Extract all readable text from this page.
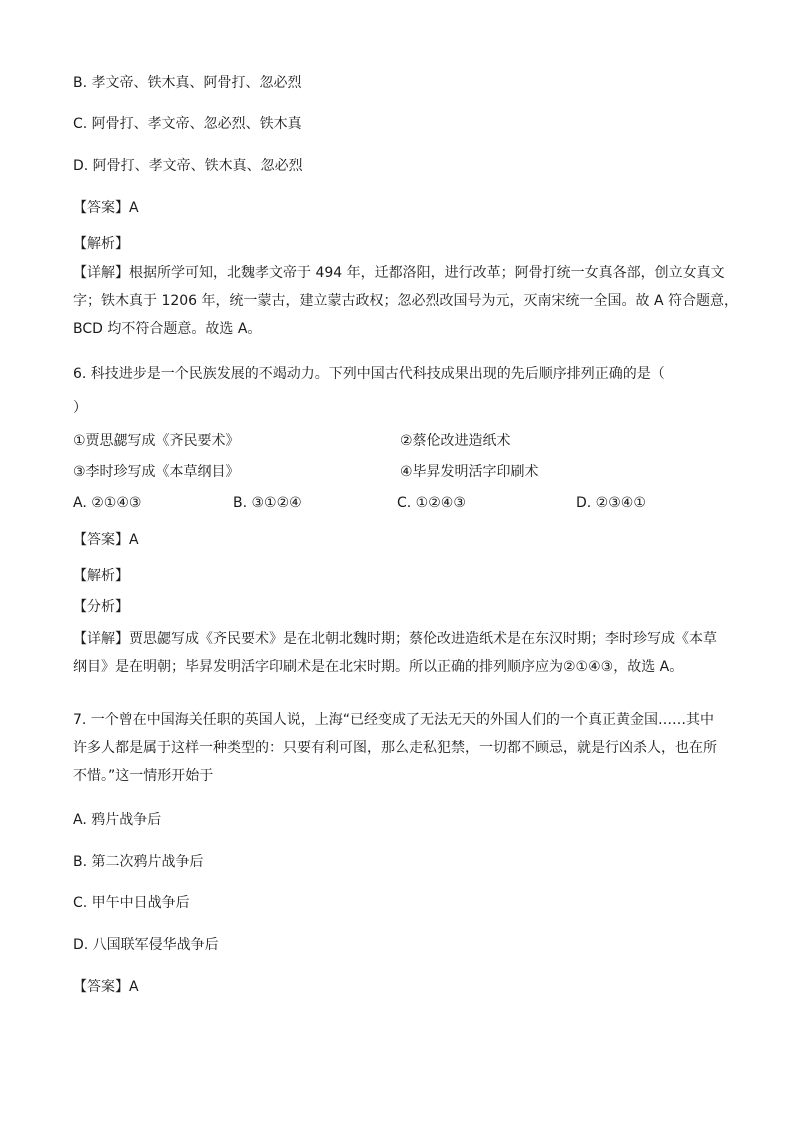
B. 孝文帝、铁木真、阿骨打、忽必烈
C. 阿骨打、孝文帝、忽必烈、铁木真
D. 阿骨打、孝文帝、铁木真、忽必烈
【答案】A
【解析】
【详解】根据所学可知，北魏孝文帝于 494 年，迁都洛阳，进行改革；阿骨打统一女真各部，创立女真文
字；铁木真于 1206 年，统一蒙古，建立蒙古政权；忽必烈改国号为元，灭南宋统一全国。故 A 符合题意，
BCD 均不符合题意。故选 A。
6. 科技进步是一个民族发展的不竭动力。下列中国古代科技成果出现的先后顺序排列正确的是（
）
①贾思勰写成《齐民要术》	②蔡伦改进造纸术
③李时珍写成《本草纲目》	④毕昇发明活字印刷术
A. ②①④③	B. ③①②④	C. ①②④③	D. ②③④①
【答案】A
【解析】
【分析】
【详解】贾思勰写成《齐民要术》是在北朝北魏时期；蔡伦改进造纸术是在东汉时期；李时珍写成《本草
纲目》是在明朝；毕昇发明活字印刷术是在北宋时期。所以正确的排列顺序应为②①④③，故选 A。
7. 一个曾在中国海关任职的英国人说，上海“已经变成了无法无天的外国人们的一个真正黄金国……其中
许多人都是属于这样一种类型的：只要有利可图，那么走私犯禁，一切都不顾忌，就是行凶杀人，也在所
不惜。”这一情形开始于
A. 鸦片战争后
B. 第二次鸦片战争后
C. 甲午中日战争后
D. 八国联军侵华战争后
【答案】A
